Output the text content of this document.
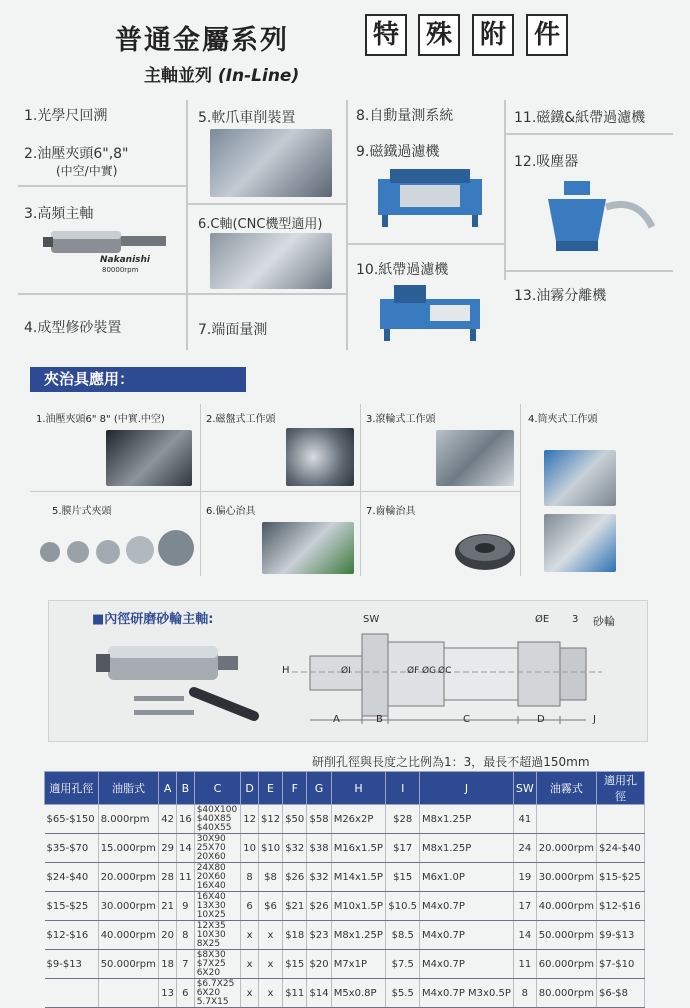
普通金屬系列	特	殊	附	件
主軸並列 (In-Line)
1.光學尺回溯
2.油壓夾頭6",8"
(中空/中實)
3.高頻主軸
Nakanishi
80000rpm
4.成型修砂裝置
5.軟爪車削裝置
6.C軸(CNC機型適用)
7.端面量測
8.自動量測系統
9.磁鐵過濾機
10.紙帶過濾機
11.磁鐵&紙帶過濾機
12.吸塵器
13.油霧分離機
夾治具應用：
1.油壓夾頭6" 8" (中實.中空)	2.磁盤式工作頭	3.滾輪式工作頭	4.筒夾式工作頭
5.膜片式夾頭	6.偏心治具	7.齒輪治具
■內徑研磨砂輪主軸:	SW	ØE 3 砂輪
H	ØI	ØF ØG ØC
A	B	C	D	J
研削孔徑與長度之比例為1：3，最長不超過150mm
適用孔徑	油脂式	A	B	C	D	E	F	G	H	I	J	SW	油霧式	適用孔徑
$65-$150	8.000rpm	42	16	$40X100
$40X85
$40X55	12	$12	$50	$58	M26x2P	$28	M8x1.25P	41		
$35-$70	15.000rpm	29	14	30X90
25X70
20X60	10	$10	$32	$38	M16x1.5P	$17	M8x1.25P	24	20.000rpm	$24-$40
$24-$40	20.000rpm	28	11	24X80
20X60
16X40	8	$8	$26	$32	M14x1.5P	$15	M6x1.0P	19	30.000rpm	$15-$25
$15-$25	30.000rpm	21	9	16X40
13X30
10X25	6	$6	$21	$26	M10x1.5P	$10.5	M4x0.7P	17	40.000rpm	$12-$16
$12-$16	40.000rpm	20	8	12X35
10X30
8X25	x	x	$18	$23	M8x1.25P	$8.5	M4x0.7P	14	50.000rpm	$9-$13
$9-$13	50.000rpm	18	7	$8X30
$7X25
6X20	x	x	$15	$20	M7x1P	$7.5	M4x0.7P	11	60.000rpm	$7-$10
		13	6	$6.7X25
6X20
5.7X15	x	x	$11	$14	M5x0.8P	$5.5	M4x0.7P M3x0.5P	8	80.000rpm	$6-$8
